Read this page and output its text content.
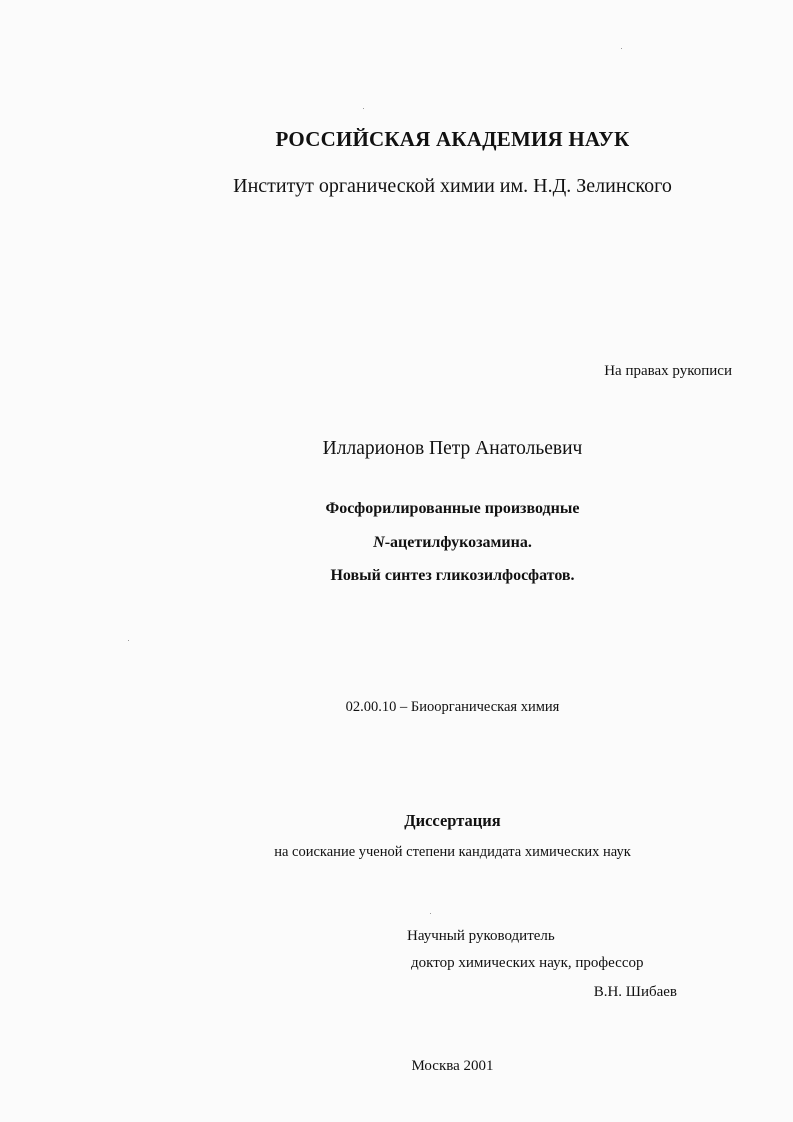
РОССИЙСКАЯ АКАДЕМИЯ НАУК
Институт органической химии им. Н.Д. Зелинского
На правах рукописи
Илларионов Петр Анатольевич
Фосфорилированные производные
N-ацетилфукозамина.
Новый синтез гликозилфосфатов.
02.00.10 – Биоорганическая химия
Диссертация
на соискание ученой степени кандидата химических наук
Научный руководитель
доктор химических наук, профессор
В.Н. Шибаев
Москва 2001
